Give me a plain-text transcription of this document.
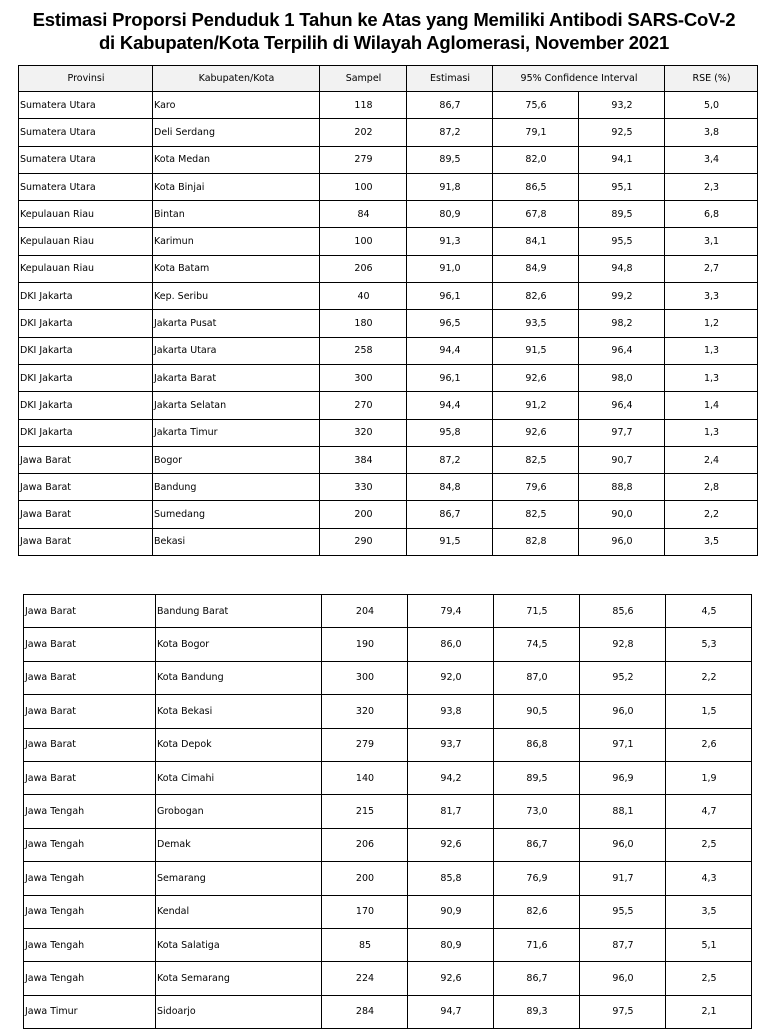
Estimasi Proporsi Penduduk 1 Tahun ke Atas yang Memiliki Antibodi SARS-CoV-2
di Kabupaten/Kota Terpilih di Wilayah Aglomerasi, November 2021
Provinsi	Kabupaten/Kota	Sampel	Estimasi	95% Confidence Interval		RSE (%)
Sumatera Utara	Karo	118	86,7	75,6	93,2	5,0
Sumatera Utara	Deli Serdang	202	87,2	79,1	92,5	3,8
Sumatera Utara	Kota Medan	279	89,5	82,0	94,1	3,4
Sumatera Utara	Kota Binjai	100	91,8	86,5	95,1	2,3
Kepulauan Riau	Bintan	84	80,9	67,8	89,5	6,8
Kepulauan Riau	Karimun	100	91,3	84,1	95,5	3,1
Kepulauan Riau	Kota Batam	206	91,0	84,9	94,8	2,7
DKI Jakarta	Kep. Seribu	40	96,1	82,6	99,2	3,3
DKI Jakarta	Jakarta Pusat	180	96,5	93,5	98,2	1,2
DKI Jakarta	Jakarta Utara	258	94,4	91,5	96,4	1,3
DKI Jakarta	Jakarta Barat	300	96,1	92,6	98,0	1,3
DKI Jakarta	Jakarta Selatan	270	94,4	91,2	96,4	1,4
DKI Jakarta	Jakarta Timur	320	95,8	92,6	97,7	1,3
Jawa Barat	Bogor	384	87,2	82,5	90,7	2,4
Jawa Barat	Bandung	330	84,8	79,6	88,8	2,8
Jawa Barat	Sumedang	200	86,7	82,5	90,0	2,2
Jawa Barat	Bekasi	290	91,5	82,8	96,0	3,5
Jawa Barat	Bandung Barat	204	79,4	71,5	85,6	4,5
Jawa Barat	Kota Bogor	190	86,0	74,5	92,8	5,3
Jawa Barat	Kota Bandung	300	92,0	87,0	95,2	2,2
Jawa Barat	Kota Bekasi	320	93,8	90,5	96,0	1,5
Jawa Barat	Kota Depok	279	93,7	86,8	97,1	2,6
Jawa Barat	Kota Cimahi	140	94,2	89,5	96,9	1,9
Jawa Tengah	Grobogan	215	81,7	73,0	88,1	4,7
Jawa Tengah	Demak	206	92,6	86,7	96,0	2,5
Jawa Tengah	Semarang	200	85,8	76,9	91,7	4,3
Jawa Tengah	Kendal	170	90,9	82,6	95,5	3,5
Jawa Tengah	Kota Salatiga	85	80,9	71,6	87,7	5,1
Jawa Tengah	Kota Semarang	224	92,6	86,7	96,0	2,5
Jawa Timur	Sidoarjo	284	94,7	89,3	97,5	2,1
